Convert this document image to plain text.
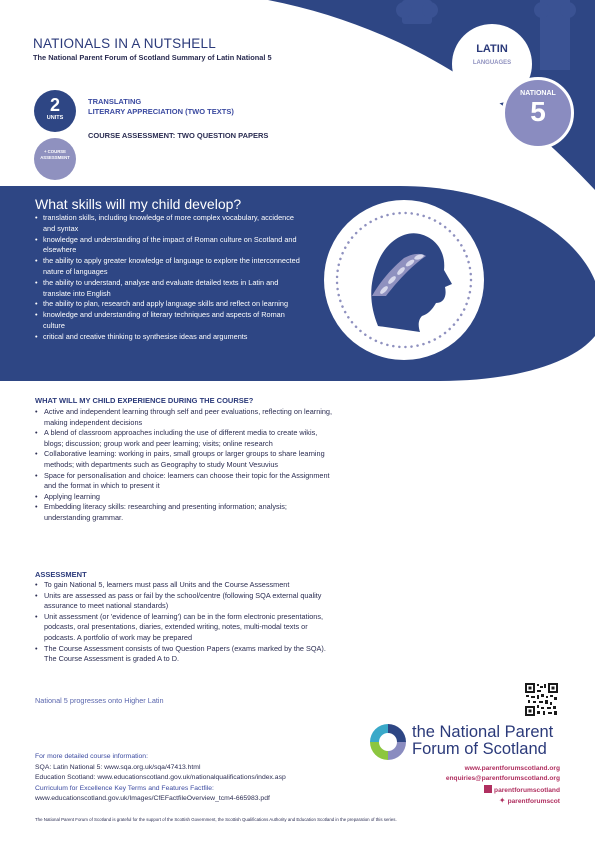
NATIONALS IN A NUTSHELL
The National Parent Forum of Scotland Summary of Latin National 5
2
UNITS
+ COURSE ASSESSMENT
TRANSLATING
LITERARY APPRECIATION (TWO TEXTS)
COURSE ASSESSMENT: TWO QUESTION PAPERS
LATIN
LANGUAGES
NATIONAL
5
What skills will my child develop?
• translation skills, including knowledge of more complex vocabulary, accidence and syntax
• knowledge and understanding of the impact of Roman culture on Scotland and elsewhere
• the ability to apply greater knowledge of language to explore the interconnected nature of languages
• the ability to understand, analyse and evaluate detailed texts in Latin and translate into English
• the ability to plan, research and apply language skills and reflect on learning
• knowledge and understanding of literary techniques and aspects of Roman culture
• critical and creative thinking to synthesise ideas and arguments
WHAT WILL MY CHILD EXPERIENCE DURING THE COURSE?
• Active and independent learning through self and peer evaluations, reflecting on learning, making independent decisions
• A blend of classroom approaches including the use of different media to create wikis, blogs; discussion; group work and peer learning; visits; online research
• Collaborative learning: working in pairs, small groups or larger groups to share learning methods; with departments such as Geography to study Mount Vesuvius
• Space for personalisation and choice: learners can choose their topic for the Assignment and the format in which to present it
• Applying learning
• Embedding literacy skills: researching and presenting information; analysis; understanding grammar.
ASSESSMENT
• To gain National 5, learners must pass all Units and the Course Assessment
• Units are assessed as pass or fail by the school/centre (following SQA external quality assurance to meet national standards)
• Unit assessment (or 'evidence of learning') can be in the form electronic presentations, podcasts, oral presentations, diaries, extended writing, notes, multi-modal texts or podcasts. A portfolio of work may be prepared
• The Course Assessment consists of two Question Papers (exams marked by the SQA). The Course Assessment is graded A to D.
National 5 progresses onto Higher Latin
For more detailed course information:
SQA: Latin National 5: www.sqa.org.uk/sqa/47413.html
Education Scotland: www.educationscotland.gov.uk/nationalqualifications/index.asp
Curriculum for Excellence Key Terms and Features Factfile:
www.educationscotland.gov.uk/Images/CfEFactfileOverview_tcm4-665983.pdf
the National Parent
Forum of Scotland
www.parentforumscotland.org
enquiries@parentforumscotland.org
parentforumscotland
✦ parentforumscot
The National Parent Forum of Scotland is grateful for the support of the Scottish Government, the Scottish Qualifications Authority and Education Scotland in the preparation of this series.
